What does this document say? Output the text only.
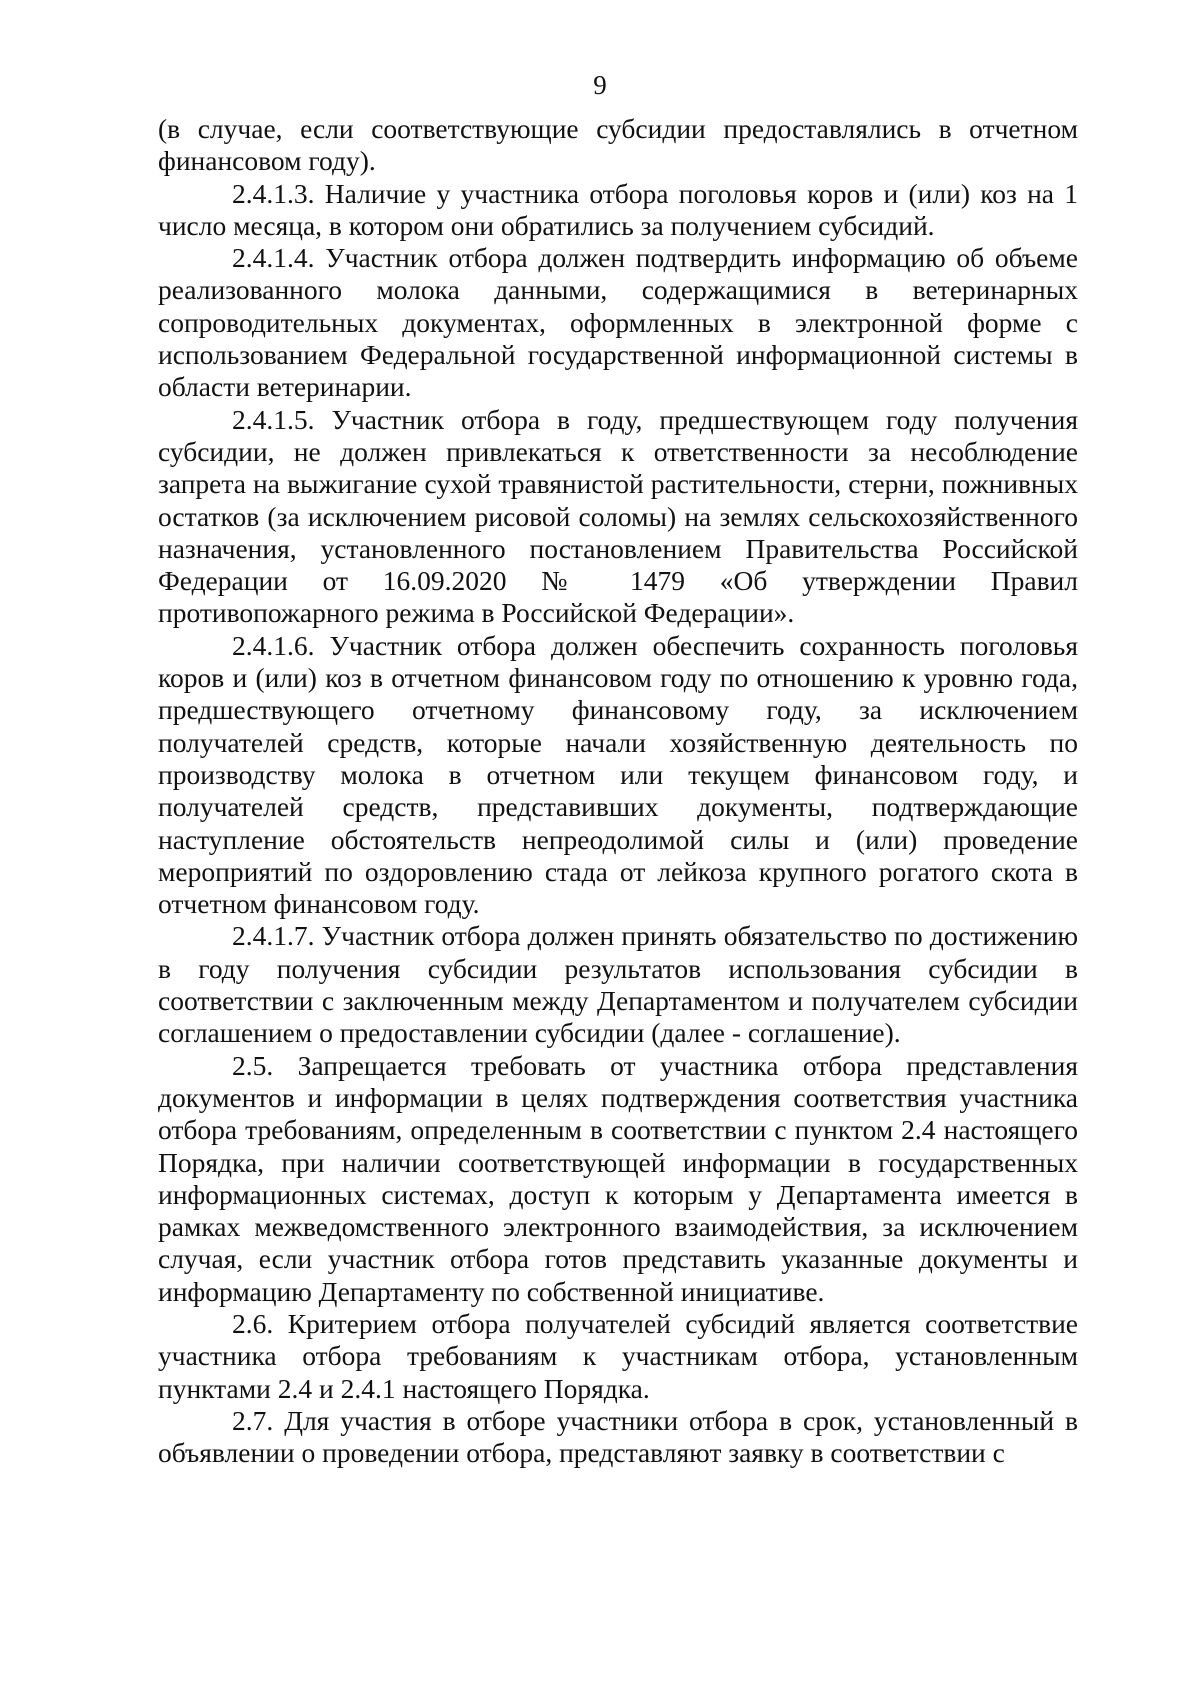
9

(в случае, если соответствующие субсидии предоставлялись в отчетном финансовом году).

2.4.1.3. Наличие у участника отбора поголовья коров и (или) коз на 1 число месяца, в котором они обратились за получением субсидий.

2.4.1.4. Участник отбора должен подтвердить информацию об объеме реализованного молока данными, содержащимися в ветеринарных сопроводительных документах, оформленных в электронной форме с использованием Федеральной государственной информационной системы в области ветеринарии.

2.4.1.5. Участник отбора в году, предшествующем году получения субсидии, не должен привлекаться к ответственности за несоблюдение запрета на выжигание сухой травянистой растительности, стерни, пожнивных остатков (за исключением рисовой соломы) на землях сельскохозяйственного назначения, установленного постановлением Правительства Российской Федерации от 16.09.2020 № 1479 «Об утверждении Правил противопожарного режима в Российской Федерации».

2.4.1.6. Участник отбора должен обеспечить сохранность поголовья коров и (или) коз в отчетном финансовом году по отношению к уровню года, предшествующего отчетному финансовому году, за исключением получателей средств, которые начали хозяйственную деятельность по производству молока в отчетном или текущем финансовом году, и получателей средств, представивших документы, подтверждающие наступление обстоятельств непреодолимой силы и (или) проведение мероприятий по оздоровлению стада от лейкоза крупного рогатого скота в отчетном финансовом году.

2.4.1.7. Участник отбора должен принять обязательство по достижению в году получения субсидии результатов использования субсидии в соответствии с заключенным между Департаментом и получателем субсидии соглашением о предоставлении субсидии (далее - соглашение).

2.5. Запрещается требовать от участника отбора представления документов и информации в целях подтверждения соответствия участника отбора требованиям, определенным в соответствии с пунктом 2.4 настоящего Порядка, при наличии соответствующей информации в государственных информационных системах, доступ к которым у Департамента имеется в рамках межведомственного электронного взаимодействия, за исключением случая, если участник отбора готов представить указанные документы и информацию Департаменту по собственной инициативе.

2.6. Критерием отбора получателей субсидий является соответствие участника отбора требованиям к участникам отбора, установленным пунктами 2.4 и 2.4.1 настоящего Порядка.

2.7. Для участия в отборе участники отбора в срок, установленный в объявлении о проведении отбора, представляют заявку в соответствии с
